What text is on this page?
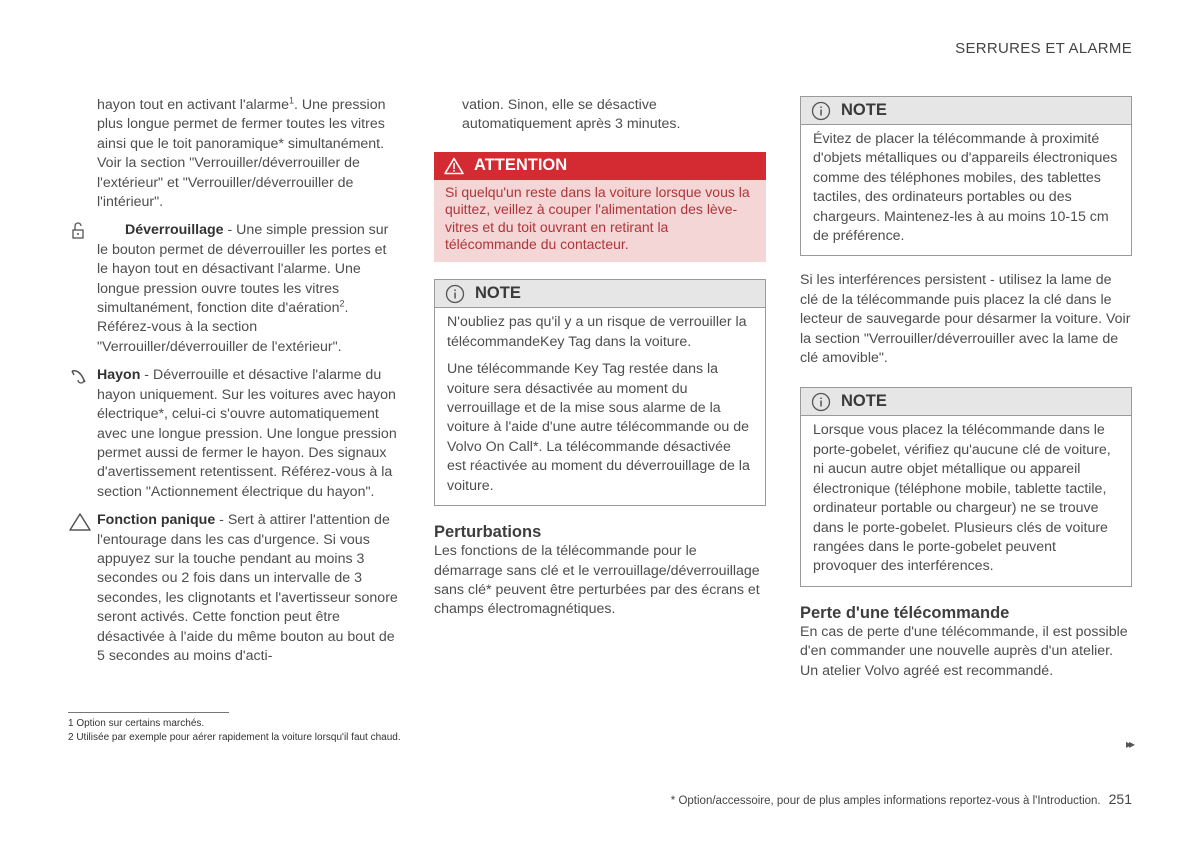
SERRURES ET ALARME

hayon tout en activant l'alarme$^1$. Une pression plus longue permet de fermer toutes les vitres ainsi que le toit panoramique* simultanément. Voir la section "Verrouiller/déverrouiller de l'extérieur" et "Verrouiller/déverrouiller de l'intérieur".

Déverrouillage - Une simple pression sur le bouton permet de déverrouiller les portes et le hayon tout en désactivant l'alarme. Une longue pression ouvre toutes les vitres simultanément, fonction dite d'aération$^2$. Référez-vous à la section "Verrouiller/déverrouiller de l'extérieur".
Hayon - Déverrouille et désactive l'alarme du hayon uniquement. Sur les voitures avec hayon électrique*, celui-ci s'ouvre automatiquement avec une longue pression. Une longue pression permet aussi de fermer le hayon. Des signaux d'avertissement retentissent. Référez-vous à la section "Actionnement électrique du hayon".
Fonction panique - Sert à attirer l'attention de l'entourage dans les cas d'urgence. Si vous appuyez sur la touche pendant au moins 3 secondes ou 2 fois dans un intervalle de 3 secondes, les clignotants et l'avertisseur sonore seront activés. Cette fonction peut être désactivée à l'aide du même bouton au bout de 5 secondes au moins d'acti-

vation. Sinon, elle se désactive automatiquement après 3 minutes.

ATTENTION
Si quelqu'un reste dans la voiture lorsque vous la quittez, veillez à couper l'alimentation des lève-vitres et du toit ouvrant en retirant la télécommande du contacteur.
NOTE

N'oubliez pas qu'il y a un risque de verrouiller la télécommandeKey Tag dans la voiture.

Une télécommande Key Tag restée dans la voiture sera désactivée au moment du verrouillage et de la mise sous alarme de la voiture à l'aide d'une autre télécommande ou de Volvo On Call*. La télécommande désactivée est réactivée au moment du déverrouillage de la voiture.

Perturbations

Les fonctions de la télécommande pour le démarrage sans clé et le verrouillage/déverrouillage sans clé* peuvent être perturbées par des écrans et champs électromagnétiques.

NOTE
Évitez de placer la télécommande à proximité d'objets métalliques ou d'appareils électroniques comme des téléphones mobiles, des tablettes tactiles, des ordinateurs portables ou des chargeurs. Maintenez-les à au moins 10-15 cm de préférence.

Si les interférences persistent - utilisez la lame de clé de la télécommande puis placez la clé dans le lecteur de sauvegarde pour désarmer la voiture. Voir la section "Verrouiller/déverrouiller avec la lame de clé amovible".

NOTE
Lorsque vous placez la télécommande dans le porte-gobelet, vérifiez qu'aucune clé de voiture, ni aucun autre objet métallique ou appareil électronique (téléphone mobile, tablette tactile, ordinateur portable ou chargeur) ne se trouve dans le porte-gobelet. Plusieurs clés de voiture rangées dans le porte-gobelet peuvent provoquer des interférences.
Perte d'une télécommande

En cas de perte d'une télécommande, il est possible d'en commander une nouvelle auprès d'un atelier. Un atelier Volvo agréé est recommandé.

1 Option sur certains marchés.
2 Utilisée par exemple pour aérer rapidement la voiture lorsqu'il faut chaud.	▸▸
* Option/accessoire, pour de plus amples informations reportez-vous à l'Introduction. 251
